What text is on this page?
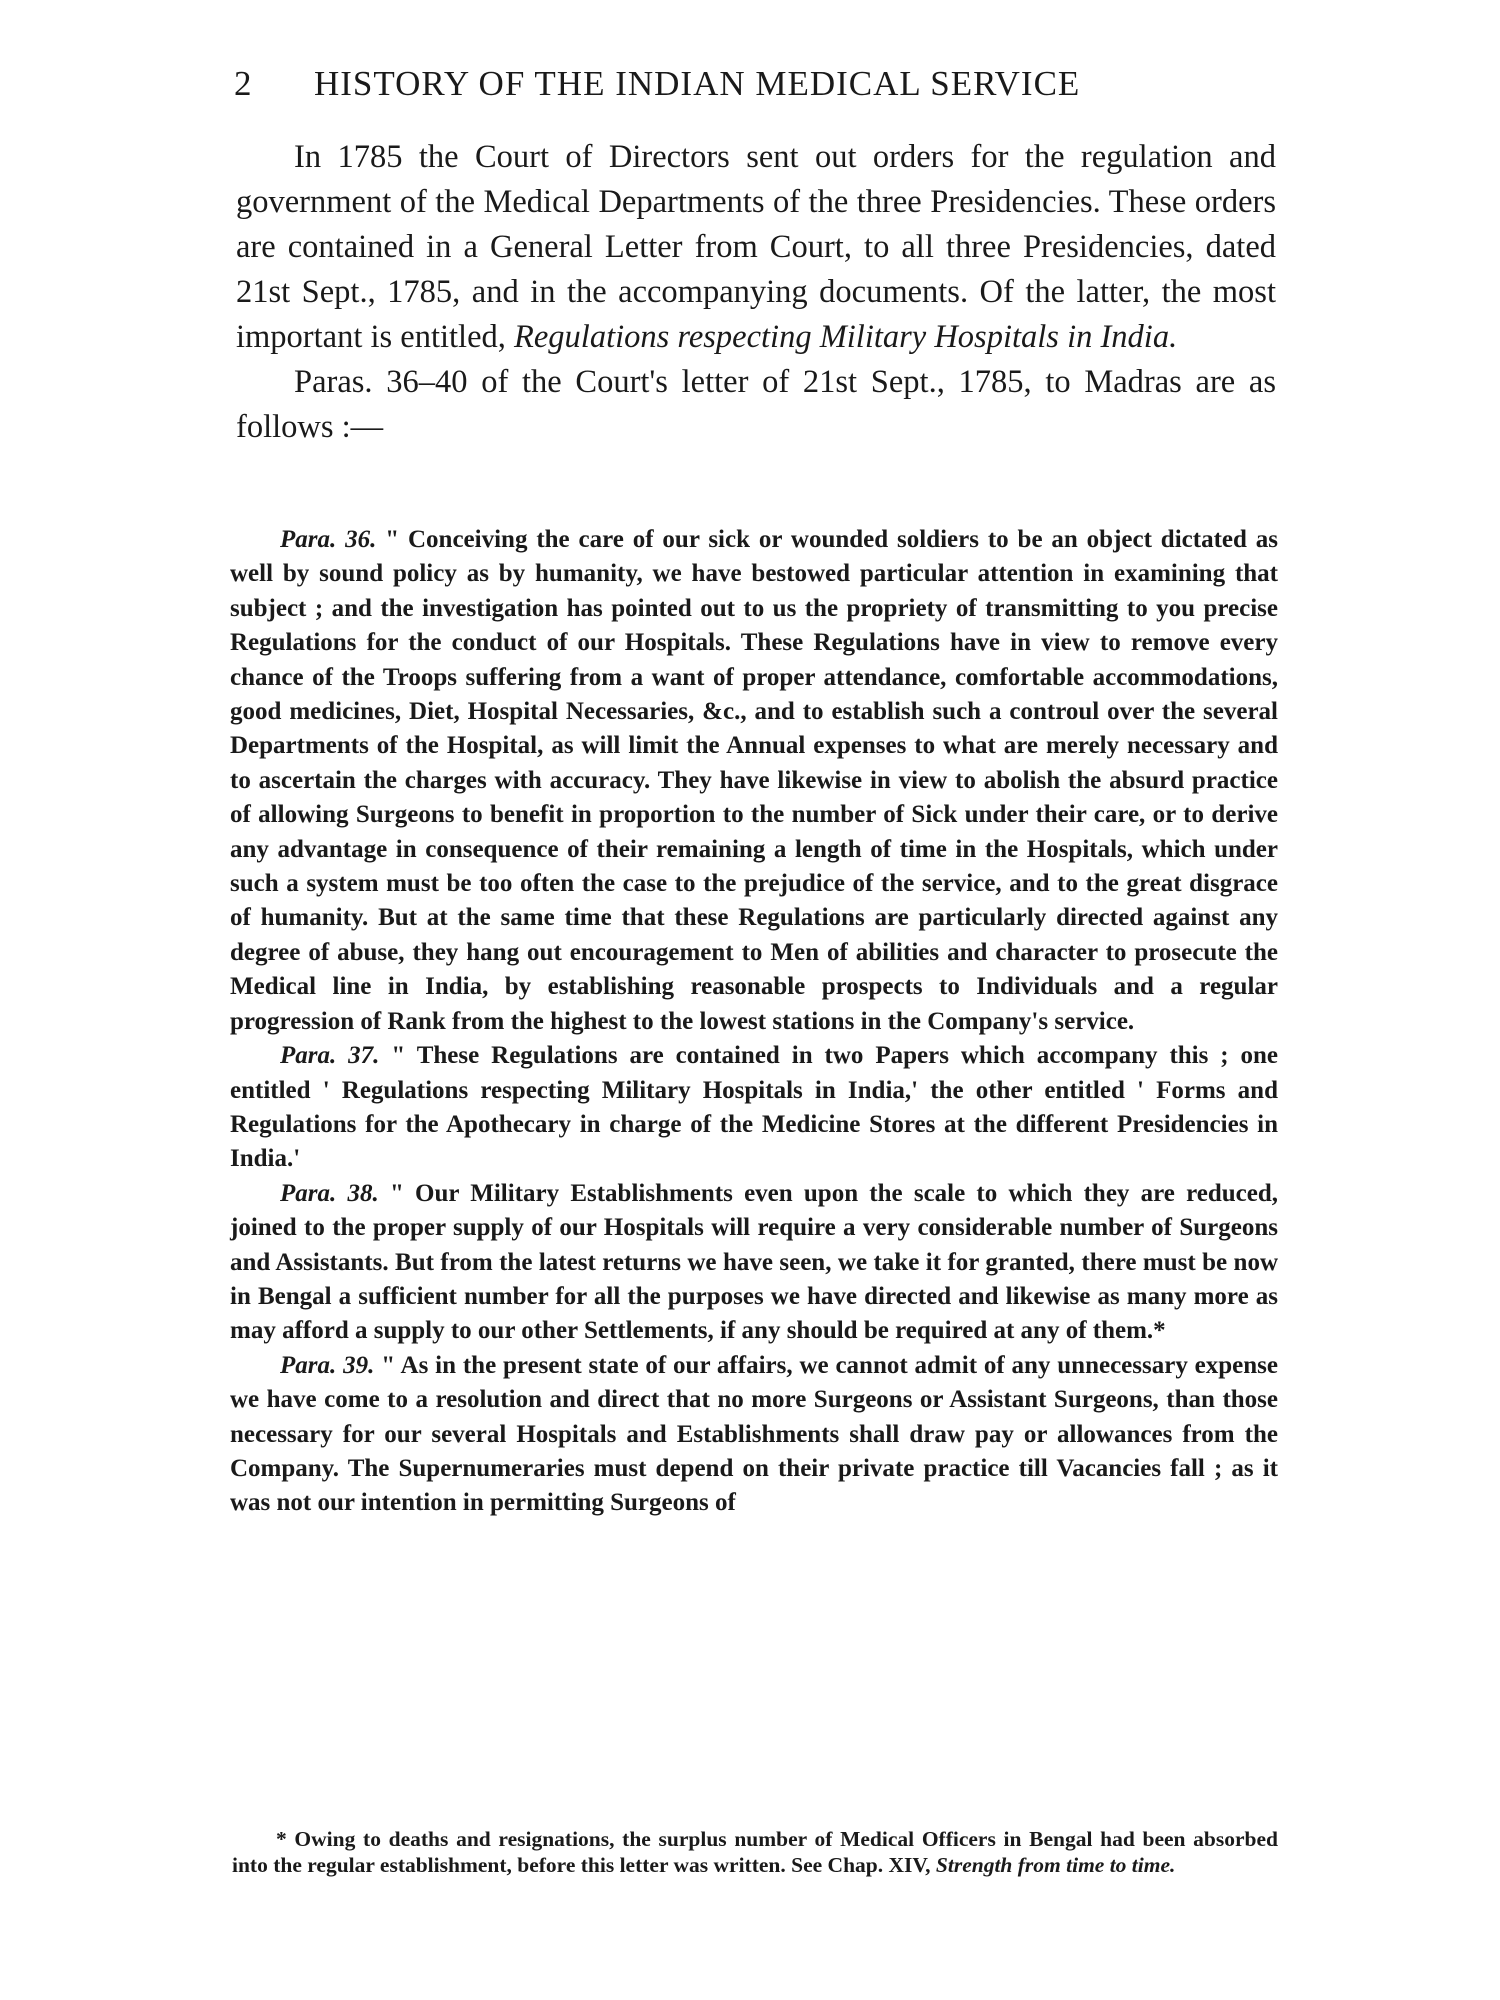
2 HISTORY OF THE INDIAN MEDICAL SERVICE

In 1785 the Court of Directors sent out orders for the regulation and government of the Medical Departments of the three Presidencies. These orders are contained in a General Letter from Court, to all three Presidencies, dated 21st Sept., 1785, and in the accompanying documents. Of the latter, the most important is entitled, Regulations respecting Military Hospitals in India.

Paras. 36–40 of the Court's letter of 21st Sept., 1785, to Madras are as follows :—

Para. 36. " Conceiving the care of our sick or wounded soldiers to be an object dictated as well by sound policy as by humanity, we have bestowed particular attention in examining that subject ; and the investigation has pointed out to us the propriety of transmitting to you precise Regulations for the conduct of our Hospitals. These Regulations have in view to remove every chance of the Troops suffering from a want of proper attendance, comfortable accommodations, good medicines, Diet, Hospital Necessaries, &c., and to establish such a controul over the several Departments of the Hospital, as will limit the Annual expenses to what are merely necessary and to ascertain the charges with accuracy. They have likewise in view to abolish the absurd practice of allowing Surgeons to benefit in proportion to the number of Sick under their care, or to derive any advantage in consequence of their remaining a length of time in the Hospitals, which under such a system must be too often the case to the prejudice of the service, and to the great disgrace of humanity. But at the same time that these Regulations are particularly directed against any degree of abuse, they hang out encouragement to Men of abilities and character to prosecute the Medical line in India, by establishing reasonable prospects to Individuals and a regular progression of Rank from the highest to the lowest stations in the Company's service.

Para. 37. " These Regulations are contained in two Papers which accompany this ; one entitled ' Regulations respecting Military Hospitals in India,' the other entitled ' Forms and Regulations for the Apothecary in charge of the Medicine Stores at the different Presidencies in India.'

Para. 38. " Our Military Establishments even upon the scale to which they are reduced, joined to the proper supply of our Hospitals will require a very considerable number of Surgeons and Assistants. But from the latest returns we have seen, we take it for granted, there must be now in Bengal a sufficient number for all the purposes we have directed and likewise as many more as may afford a supply to our other Settlements, if any should be required at any of them.*

Para. 39. " As in the present state of our affairs, we cannot admit of any unnecessary expense we have come to a resolution and direct that no more Surgeons or Assistant Surgeons, than those necessary for our several Hospitals and Establishments shall draw pay or allowances from the Company. The Supernumeraries must depend on their private practice till Vacancies fall ; as it was not our intention in permitting Surgeons of

* Owing to deaths and resignations, the surplus number of Medical Officers in Bengal had been absorbed into the regular establishment, before this letter was written. See Chap. XIV, Strength from time to time.
